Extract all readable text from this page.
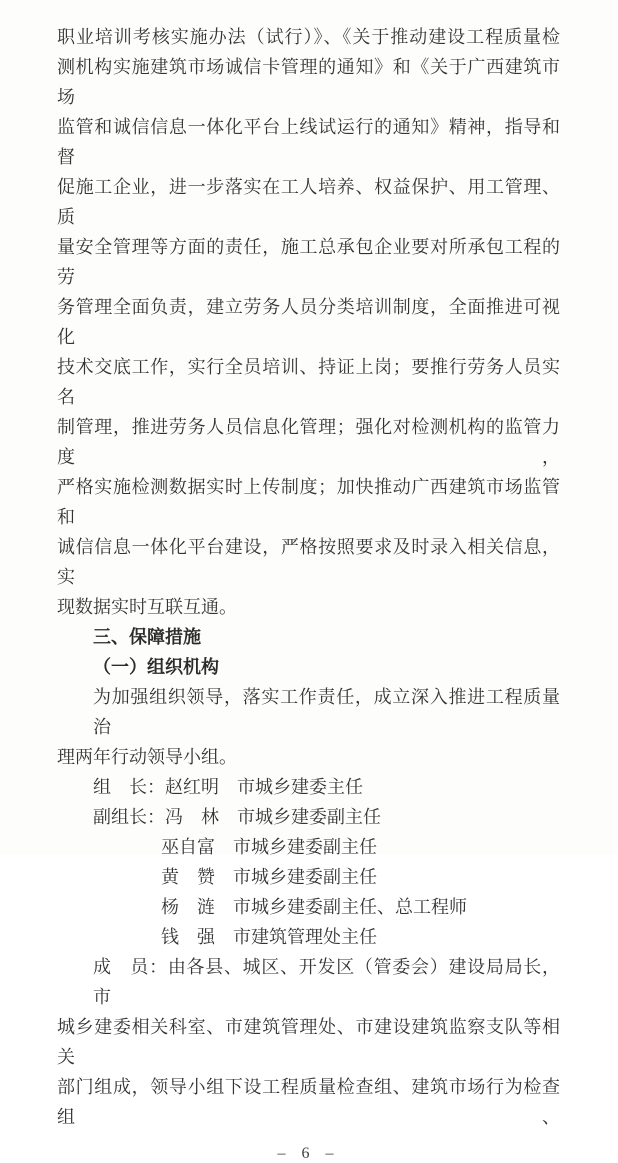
职业培训考核实施办法（试行）》、《关于推动建设工程质量检

测机构实施建筑市场诚信卡管理的通知》和《关于广西建筑市场

监管和诚信信息一体化平台上线试运行的通知》精神，指导和督

促施工企业，进一步落实在工人培养、权益保护、用工管理、质

量安全管理等方面的责任，施工总承包企业要对所承包工程的劳

务管理全面负责，建立劳务人员分类培训制度，全面推进可视化

技术交底工作，实行全员培训、持证上岗；要推行劳务人员实名

制管理，推进劳务人员信息化管理；强化对检测机构的监管力度，

严格实施检测数据实时上传制度；加快推动广西建筑市场监管和

诚信信息一体化平台建设，严格按照要求及时录入相关信息，实

现数据实时互联互通。

三、保障措施

（一）组织机构

为加强组织领导，落实工作责任，成立深入推进工程质量治

理两年行动领导小组。

组　长：赵红明　市城乡建委主任

副组长：冯　林　市城乡建委副主任

巫自富　市城乡建委副主任

黄　赞　市城乡建委副主任

杨　涟　市城乡建委副主任、总工程师

钱　强　市建筑管理处主任

成　员：由各县、城区、开发区（管委会）建设局局长，市

城乡建委相关科室、市建筑管理处、市建设建筑监察支队等相关

部门组成，领导小组下设工程质量检查组、建筑市场行为检查组、

– 6 –
